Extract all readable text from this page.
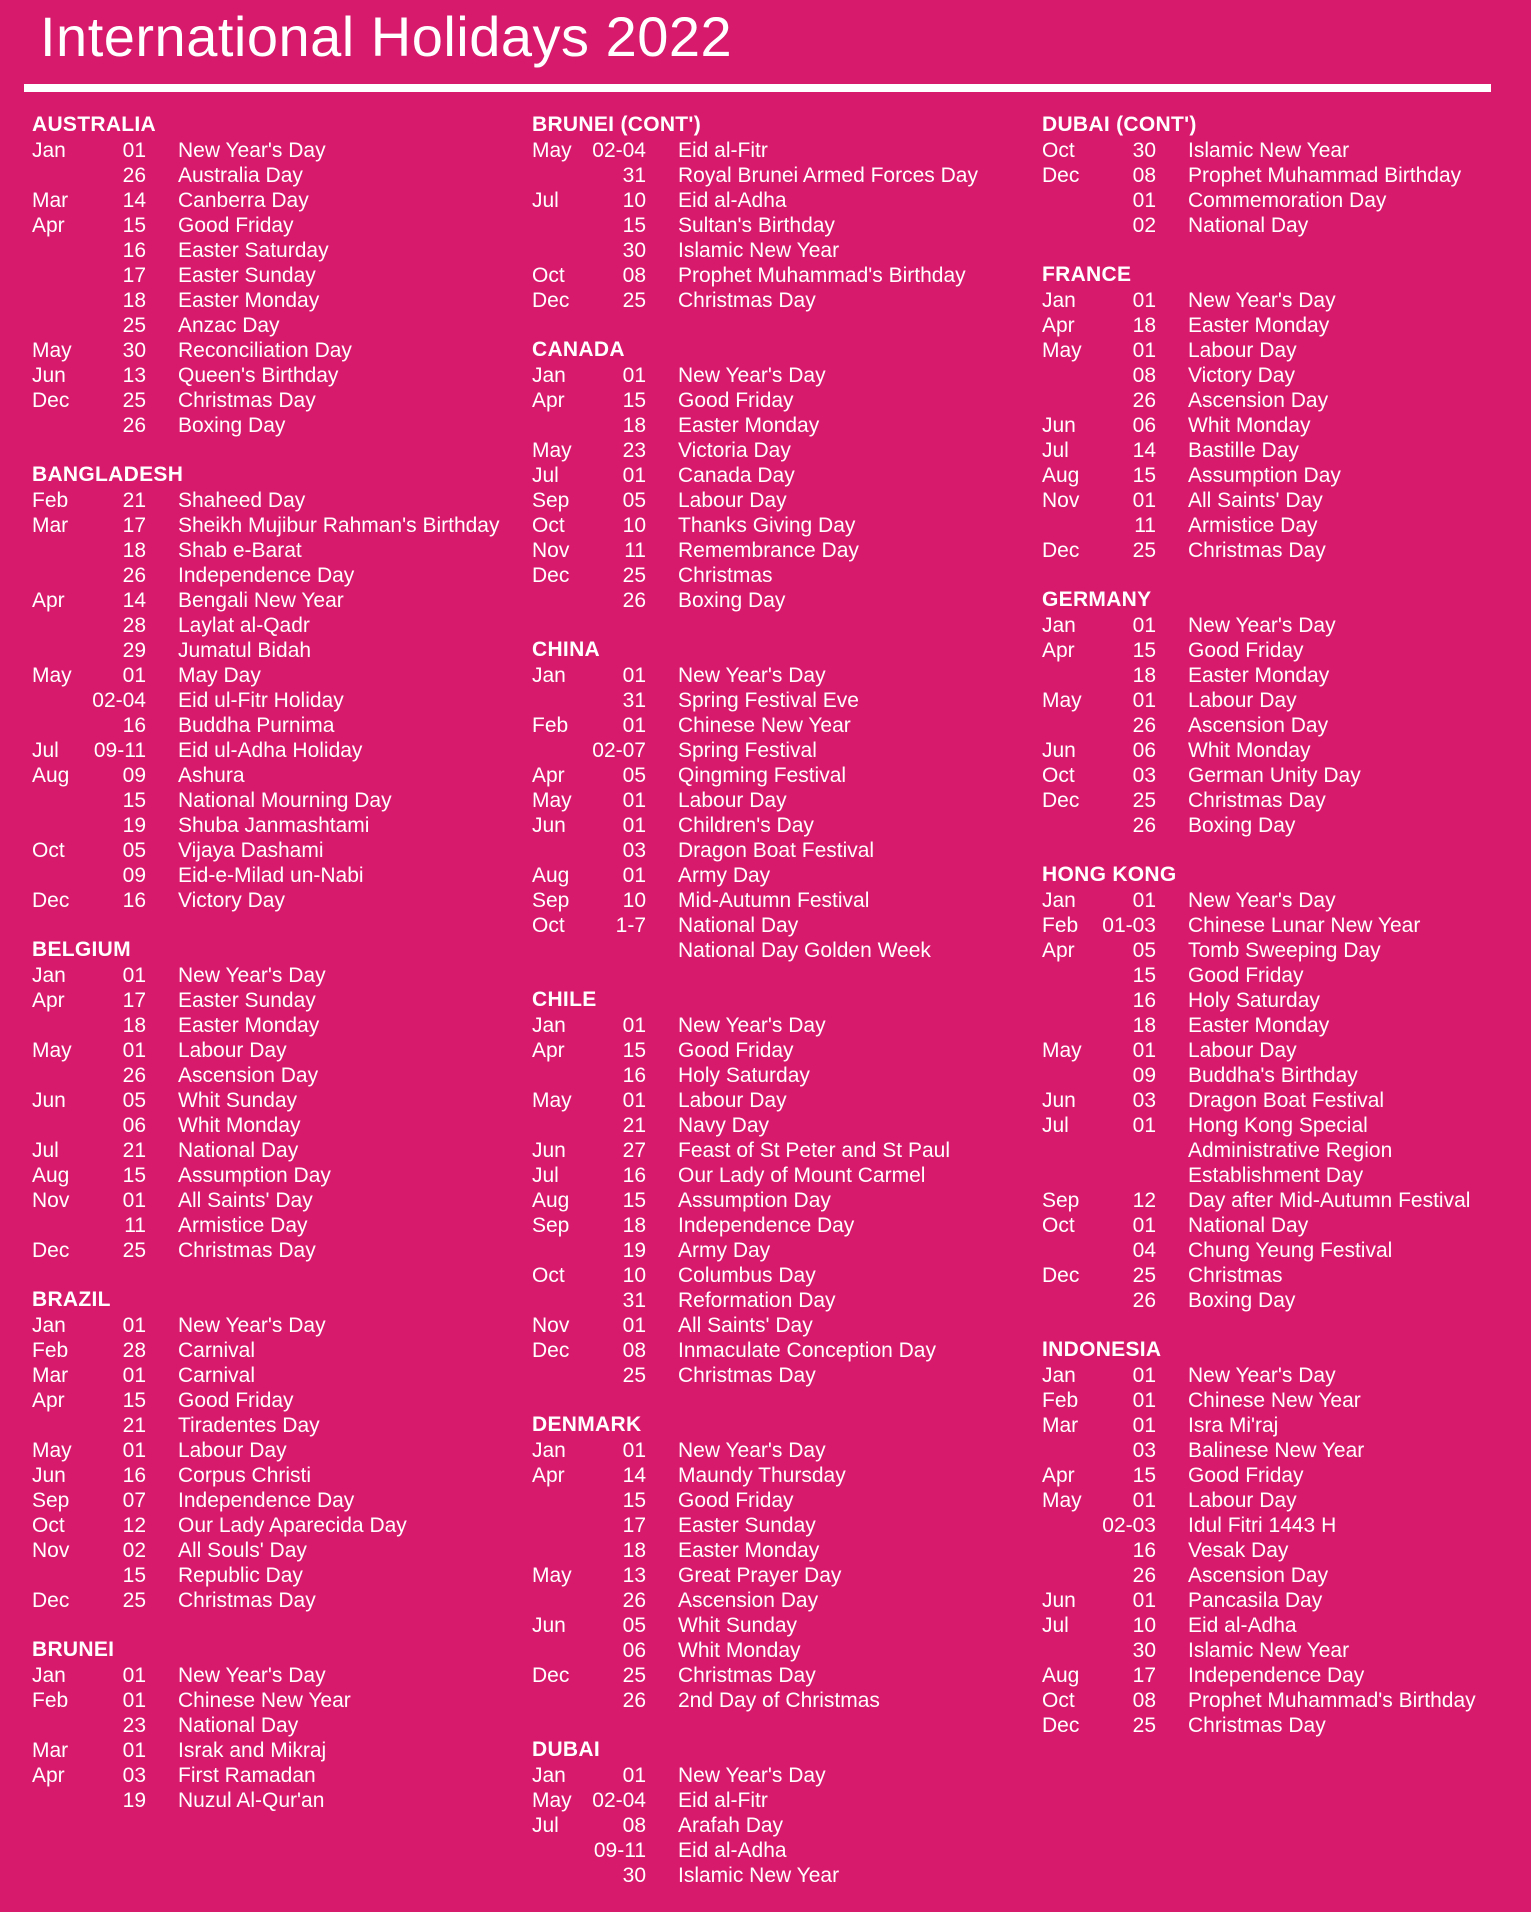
International Holidays 2022
AUSTRALIA
Jan	01	New Year's Day
26	Australia Day
Mar	14	Canberra Day
Apr	15	Good Friday
16	Easter Saturday
17	Easter Sunday
18	Easter Monday
25	Anzac Day
May	30	Reconciliation Day
Jun	13	Queen's Birthday
Dec	25	Christmas Day
26	Boxing Day
BANGLADESH
Feb	21	Shaheed Day
Mar	17	Sheikh Mujibur Rahman's Birthday
18	Shab e-Barat
26	Independence Day
Apr	14	Bengali New Year
28	Laylat al-Qadr
29	Jumatul Bidah
May	01	May Day
02-04	Eid ul-Fitr Holiday
16	Buddha Purnima
Jul	09-11	Eid ul-Adha Holiday
Aug	09	Ashura
15	National Mourning Day
19	Shuba Janmashtami
Oct	05	Vijaya Dashami
09	Eid-e-Milad un-Nabi
Dec	16	Victory Day
BELGIUM
Jan	01	New Year's Day
Apr	17	Easter Sunday
18	Easter Monday
May	01	Labour Day
26	Ascension Day
Jun	05	Whit Sunday
06	Whit Monday
Jul	21	National Day
Aug	15	Assumption Day
Nov	01	All Saints' Day
11	Armistice Day
Dec	25	Christmas Day
BRAZIL
Jan	01	New Year's Day
Feb	28	Carnival
Mar	01	Carnival
Apr	15	Good Friday
21	Tiradentes Day
May	01	Labour Day
Jun	16	Corpus Christi
Sep	07	Independence Day
Oct	12	Our Lady Aparecida Day
Nov	02	All Souls' Day
15	Republic Day
Dec	25	Christmas Day
BRUNEI
Jan	01	New Year's Day
Feb	01	Chinese New Year
23	National Day
Mar	01	Israk and Mikraj
Apr	03	First Ramadan
19	Nuzul Al-Qur'an
BRUNEI (CONT')
May 02-04	Eid al-Fitr
31	Royal Brunei Armed Forces Day
Jul	10	Eid al-Adha
15	Sultan's Birthday
30	Islamic New Year
Oct	08	Prophet Muhammad's Birthday
Dec	25	Christmas Day
CANADA
Jan	01	New Year's Day
Apr	15	Good Friday
18	Easter Monday
May	23	Victoria Day
Jul	01	Canada Day
Sep	05	Labour Day
Oct	10	Thanks Giving Day
Nov	11	Remembrance Day
Dec	25	Christmas
26	Boxing Day
CHINA
Jan	01	New Year's Day
31	Spring Festival Eve
Feb	01	Chinese New Year
02-07	Spring Festival
Apr	05	Qingming Festival
May	01	Labour Day
Jun	01	Children's Day
03	Dragon Boat Festival
Aug	01	Army Day
Sep	10	Mid-Autumn Festival
Oct	1-7	National Day
National Day Golden Week
CHILE
Jan	01	New Year's Day
Apr	15	Good Friday
16	Holy Saturday
May	01	Labour Day
21	Navy Day
Jun	27	Feast of St Peter and St Paul
Jul	16	Our Lady of Mount Carmel
Aug	15	Assumption Day
Sep	18	Independence Day
19	Army Day
Oct	10	Columbus Day
31	Reformation Day
Nov	01	All Saints' Day
Dec	08	Inmaculate Conception Day
25	Christmas Day
DENMARK
Jan	01	New Year's Day
Apr	14	Maundy Thursday
15	Good Friday
17	Easter Sunday
18	Easter Monday
May	13	Great Prayer Day
26	Ascension Day
Jun	05	Whit Sunday
06	Whit Monday
Dec	25	Christmas Day
26	2nd Day of Christmas
DUBAI
Jan	01	New Year's Day
May 02-04	Eid al-Fitr
Jul	08	Arafah Day
09-11	Eid al-Adha
30	Islamic New Year
DUBAI (CONT')
Oct	30	Islamic New Year
Dec	08	Prophet Muhammad Birthday
01	Commemoration Day
02	National Day
FRANCE
Jan	01	New Year's Day
Apr	18	Easter Monday
May	01	Labour Day
08	Victory Day
26	Ascension Day
Jun	06	Whit Monday
Jul	14	Bastille Day
Aug	15	Assumption Day
Nov	01	All Saints' Day
11	Armistice Day
Dec	25	Christmas Day
GERMANY
Jan	01	New Year's Day
Apr	15	Good Friday
18	Easter Monday
May	01	Labour Day
26	Ascension Day
Jun	06	Whit Monday
Oct	03	German Unity Day
Dec	25	Christmas Day
26	Boxing Day
HONG KONG
Jan	01	New Year's Day
Feb	01-03	Chinese Lunar New Year
Apr	05	Tomb Sweeping Day
15	Good Friday
16	Holy Saturday
18	Easter Monday
May	01	Labour Day
09	Buddha's Birthday
Jun	03	Dragon Boat Festival
Jul	01	Hong Kong Special
Administrative Region
Establishment Day
Sep	12	Day after Mid-Autumn Festival
Oct	01	National Day
04	Chung Yeung Festival
Dec	25	Christmas
26	Boxing Day
INDONESIA
Jan	01	New Year's Day
Feb	01	Chinese New Year
Mar	01	Isra Mi'raj
03	Balinese New Year
Apr	15	Good Friday
May	01	Labour Day
02-03	Idul Fitri 1443 H
16	Vesak Day
26	Ascension Day
Jun	01	Pancasila Day
Jul	10	Eid al-Adha
30	Islamic New Year
Aug	17	Independence Day
Oct	08	Prophet Muhammad's Birthday
Dec	25	Christmas Day
